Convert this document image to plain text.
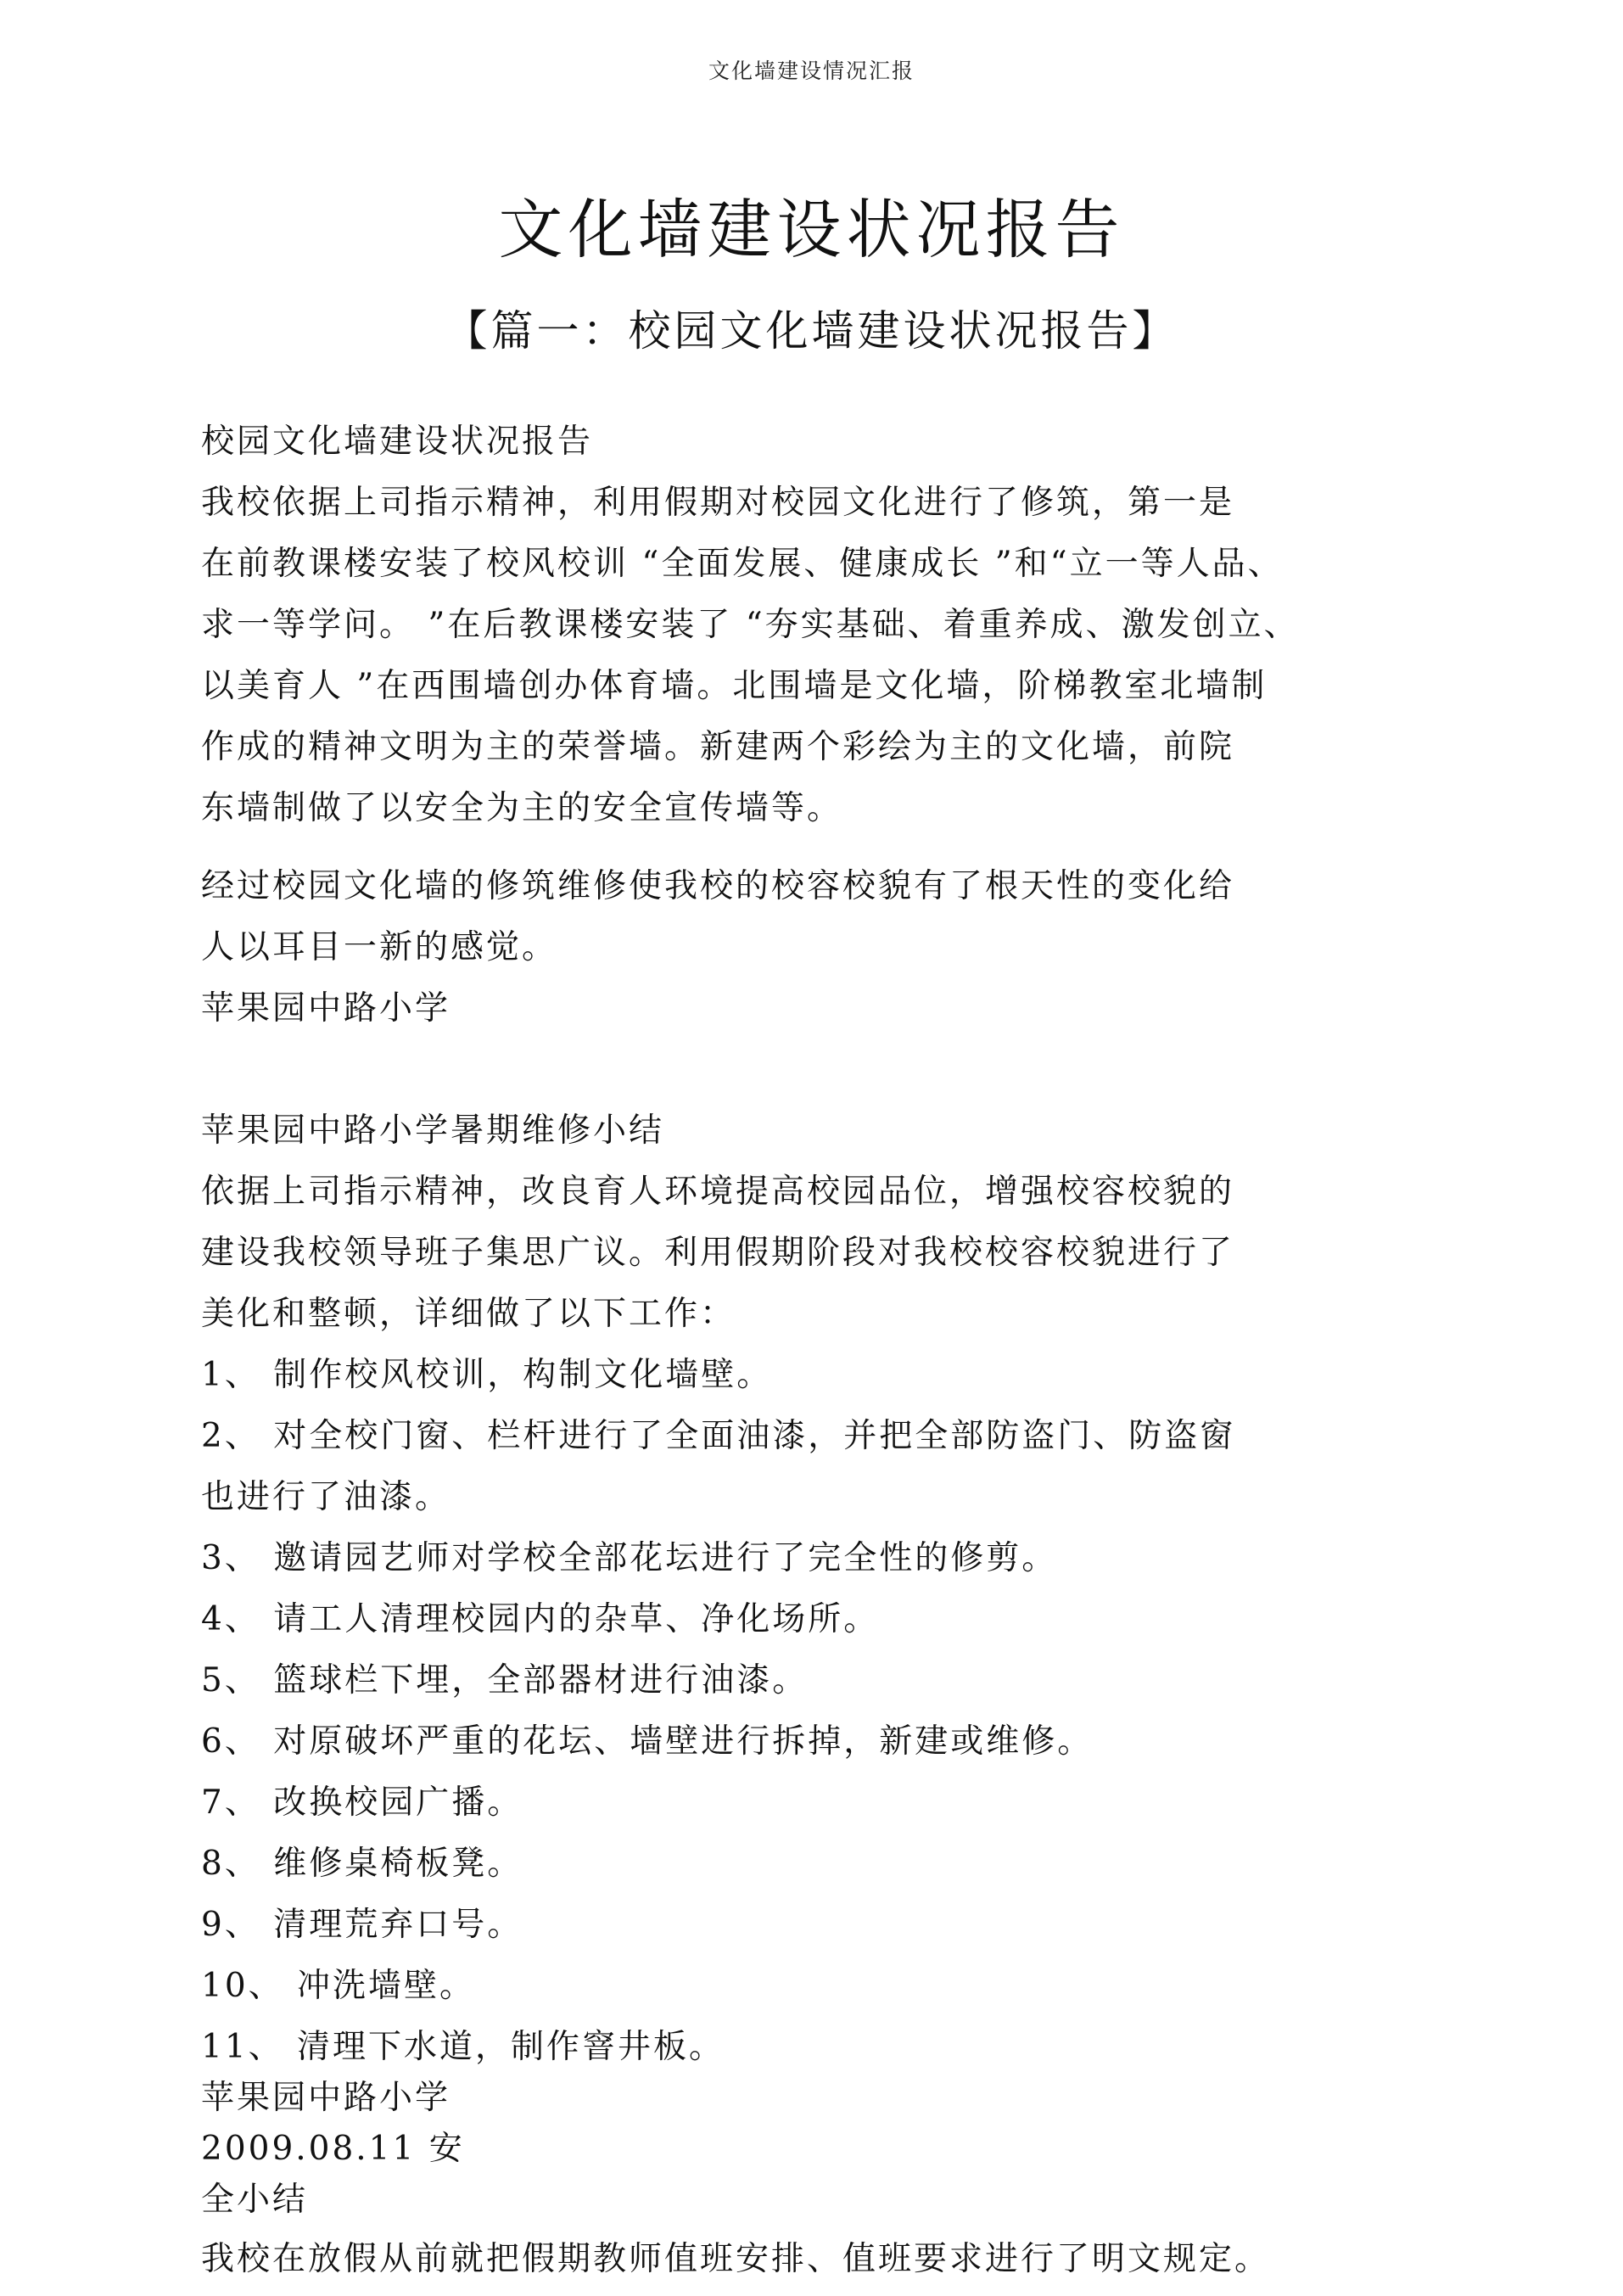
文化墙建设情况汇报
文化墙建设状况报告
【篇一：校园文化墙建设状况报告】
校园文化墙建设状况报告
我校依据上司指示精神，利用假期对校园文化进行了修筑，第一是
在前教课楼安装了校风校训 “全面发展、健康成长 ”和“立一等人品、
求一等学问。 ”在后教课楼安装了 “夯实基础、着重养成、激发创立、
以美育人 ”在西围墙创办体育墙。北围墙是文化墙，阶梯教室北墙制
作成的精神文明为主的荣誉墙。新建两个彩绘为主的文化墙，前院
东墙制做了以安全为主的安全宣传墙等。
经过校园文化墙的修筑维修使我校的校容校貌有了根天性的变化给
人以耳目一新的感觉。
苹果园中路小学
苹果园中路小学暑期维修小结
依据上司指示精神，改良育人环境提高校园品位，增强校容校貌的
建设我校领导班子集思广议。利用假期阶段对我校校容校貌进行了
美化和整顿，详细做了以下工作：
1、 制作校风校训，构制文化墙壁。
2、 对全校门窗、栏杆进行了全面油漆，并把全部防盗门、防盗窗
也进行了油漆。
3、 邀请园艺师对学校全部花坛进行了完全性的修剪。
4、 请工人清理校园内的杂草、净化场所。
5、 篮球栏下埋，全部器材进行油漆。
6、 对原破坏严重的花坛、墙壁进行拆掉，新建或维修。
7、 改换校园广播。
8、 维修桌椅板凳。
9、 清理荒弃口号。
10、 冲洗墙壁。
11、 清理下水道，制作窨井板。
苹果园中路小学
2009.08.11 安
全小结
我校在放假从前就把假期教师值班安排、值班要求进行了明文规定。
